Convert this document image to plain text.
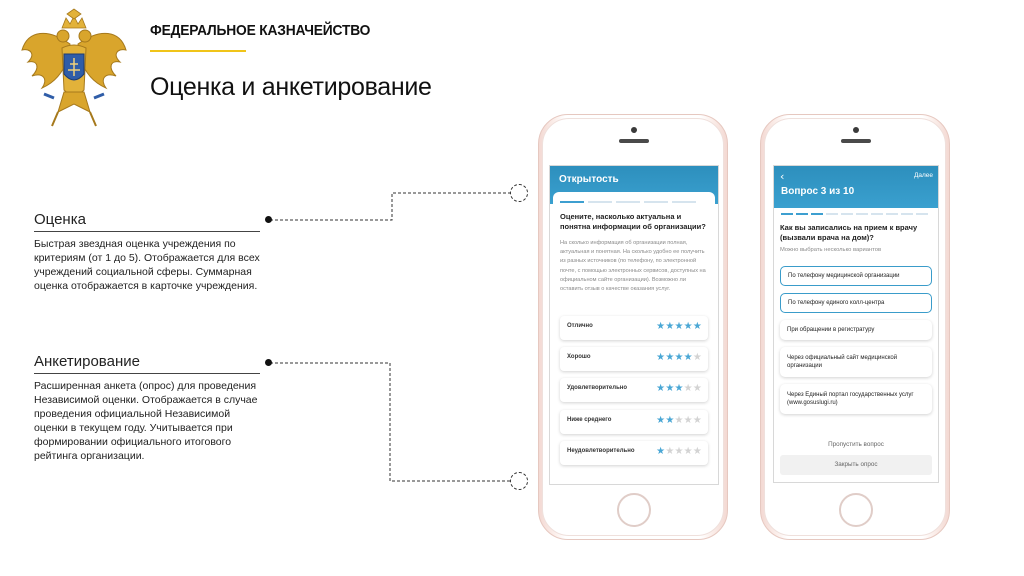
ФЕДЕРАЛЬНОЕ КАЗНАЧЕЙСТВО
Оценка и анкетирование
Оценка
Быстрая звездная оценка учреждения по
критериям (от 1 до 5). Отображается для всех
учреждений социальной сферы. Суммарная
оценка отображается в карточке учреждения.
Анкетирование
Расширенная анкета (опрос) для проведения
Независимой оценки. Отображается в случае
проведения официальной Независимой
оценки в текущем году. Учитывается при
формировании официального итогового
рейтинга организации.
Открытость
Оцените, насколько актуальна и понятна информации об организации?
На сколько информация об организации полная, актуальная и понятная. На сколько удобно ее получить из разных источников (по телефону, по электронной почте, с помощью электронных сервисов, доступных на официальном сайте организации). Возможно ли оставить отзыв о качестве оказания услуг.
Отлично	★★★★★
Хорошо	★★★★★
Удовлетворительно	★★★★★
Ниже среднего	★★★★★
Неудовлетворительно ★★★★★
‹	Далее
Вопрос 3 из 10
Как вы записались на прием к врачу (вызвали врача на дом)?
Можно выбрать несколько вариантов
По телефону медицинской организации
По телефону единого колл-центра
При обращении в регистратуру
Через официальный сайт медицинской организации
Через Единый портал государственных услуг (www.gosuslugi.ru)
Пропустить вопрос
Закрыть опрос
